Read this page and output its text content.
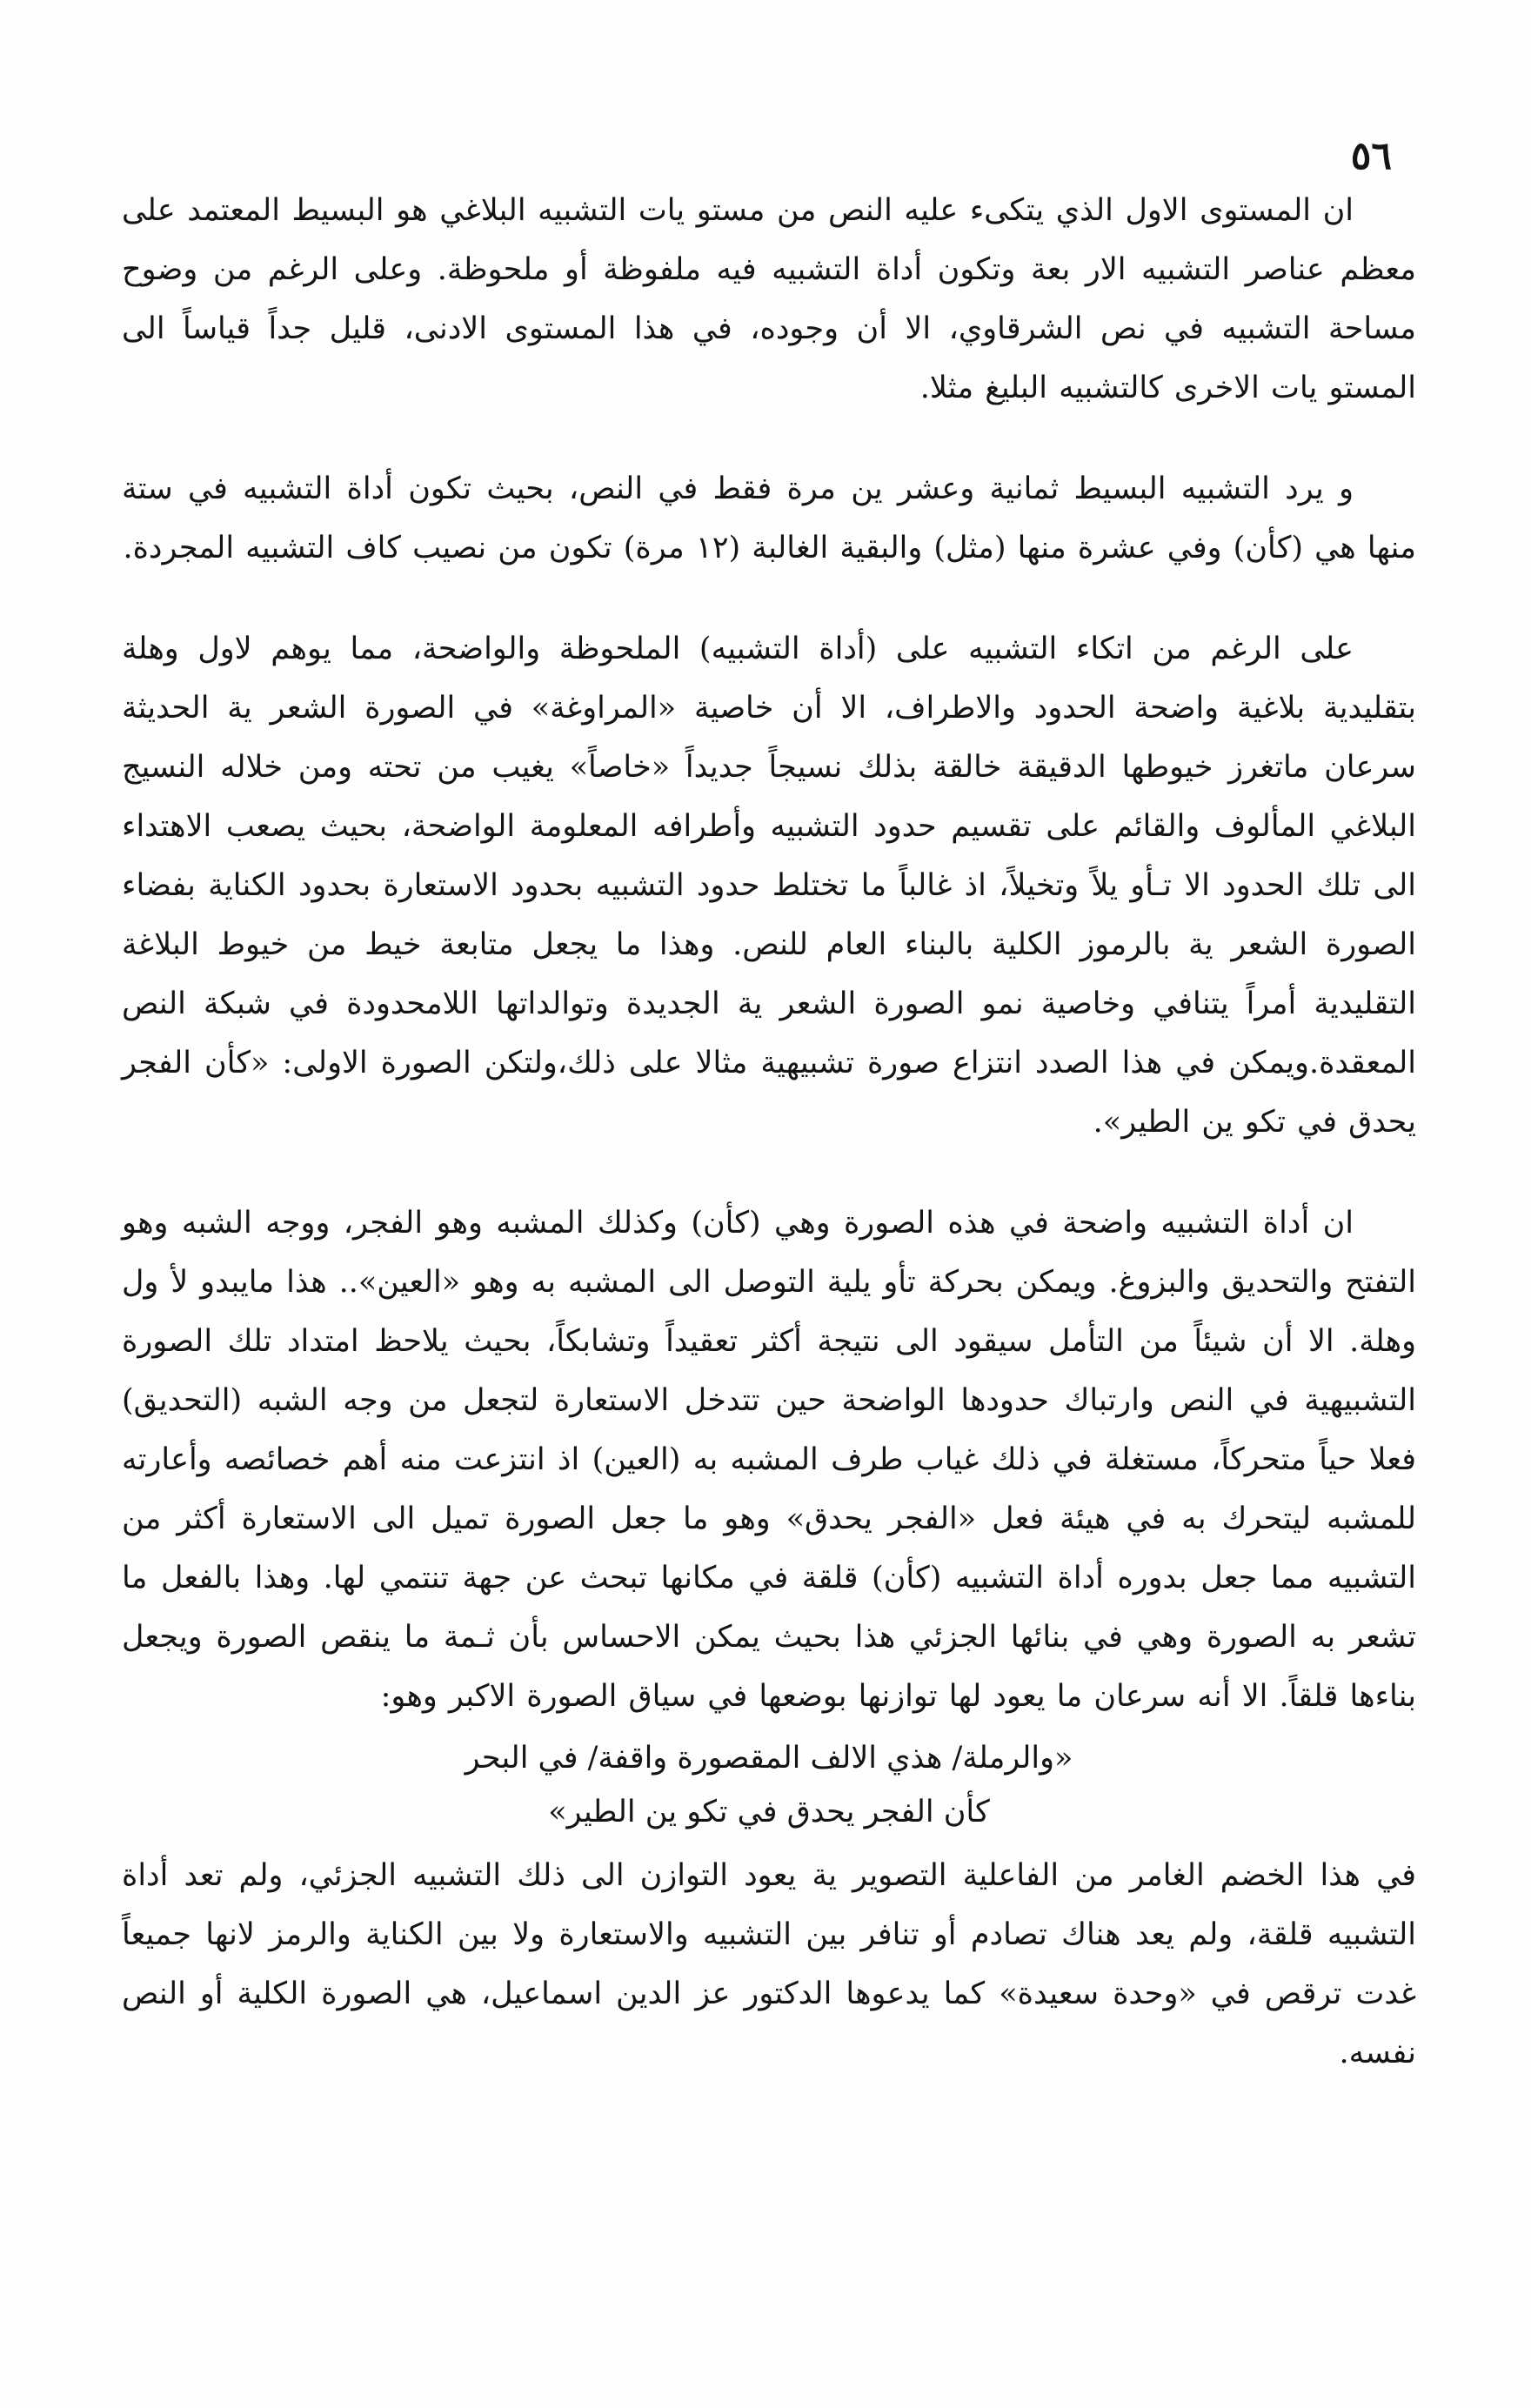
٥٦

ان المستوى الاول الذي يتكىء عليه النص من مستو يات التشبيه البلاغي هو البسيط المعتمد على معظم عناصر التشبيه الار بعة وتكون أداة التشبيه فيه ملفوظة أو ملحوظة. وعلى الرغم من وضوح مساحة التشبيه في نص الشرقاوي، الا أن وجوده، في هذا المستوى الادنى، قليل جداً قياساً الى المستو يات الاخرى كالتشبيه البليغ مثلا.

و يرد التشبيه البسيط ثمانية وعشر ين مرة فقط في النص، بحيث تكون أداة التشبيه في ستة منها هي (كأن) وفي عشرة منها (مثل) والبقية الغالبة (١٢ مرة) تكون من نصيب كاف التشبيه المجردة.

على الرغم من اتكاء التشبيه على (أداة التشبيه) الملحوظة والواضحة، مما يوهم لاول وهلة بتقليدية بلاغية واضحة الحدود والاطراف، الا أن خاصية «المراوغة» في الصورة الشعر ية الحديثة سرعان ماتغرز خيوطها الدقيقة خالقة بذلك نسيجاً جديداً «خاصاً» يغيب من تحته ومن خلاله النسيج البلاغي المألوف والقائم على تقسيم حدود التشبيه وأطرافه المعلومة الواضحة، بحيث يصعب الاهتداء الى تلك الحدود الا تـأو يلاً وتخيلاً، اذ غالباً ما تختلط حدود التشبيه بحدود الاستعارة بحدود الكناية بفضاء الصورة الشعر ية بالرموز الكلية بالبناء العام للنص. وهذا ما يجعل متابعة خيط من خيوط البلاغة التقليدية أمراً يتنافي وخاصية نمو الصورة الشعر ية الجديدة وتوالداتها اللامحدودة في شبكة النص المعقدة.ويمكن في هذا الصدد انتزاع صورة تشبيهية مثالا على ذلك،ولتكن الصورة الاولى: «كأن الفجر يحدق في تكو ين الطير».

ان أداة التشبيه واضحة في هذه الصورة وهي (كأن) وكذلك المشبه وهو الفجر، ووجه الشبه وهو التفتح والتحديق والبزوغ. ويمكن بحركة تأو يلية التوصل الى المشبه به وهو «العين».. هذا مايبدو لأ ول وهلة. الا أن شيئاً من التأمل سيقود الى نتيجة أكثر تعقيداً وتشابكاً، بحيث يلاحظ امتداد تلك الصورة التشبيهية في النص وارتباك حدودها الواضحة حين تتدخل الاستعارة لتجعل من وجه الشبه (التحديق) فعلا حياً متحركاً، مستغلة في ذلك غياب طرف المشبه به (العين) اذ انتزعت منه أهم خصائصه وأعارته للمشبه ليتحرك به في هيئة فعل «الفجر يحدق» وهو ما جعل الصورة تميل الى الاستعارة أكثر من التشبيه مما جعل بدوره أداة التشبيه (كأن) قلقة في مكانها تبحث عن جهة تنتمي لها. وهذا بالفعل ما تشعر به الصورة وهي في بنائها الجزئي هذا بحيث يمكن الاحساس بأن ثـمة ما ينقص الصورة ويجعل بناءها قلقاً. الا أنه سرعان ما يعود لها توازنها بوضعها في سياق الصورة الاكبر وهو:

«والرملة/ هذي الالف المقصورة واقفة/ في البحر

كأن الفجر يحدق في تكو ين الطير»

في هذا الخضم الغامر من الفاعلية التصوير ية يعود التوازن الى ذلك التشبيه الجزئي، ولم تعد أداة التشبيه قلقة، ولم يعد هناك تصادم أو تنافر بين التشبيه والاستعارة ولا بين الكناية والرمز لانها جميعاً غدت ترقص في «وحدة سعيدة» كما يدعوها الدكتور عز الدين اسماعيل، هي الصورة الكلية أو النص نفسه.
